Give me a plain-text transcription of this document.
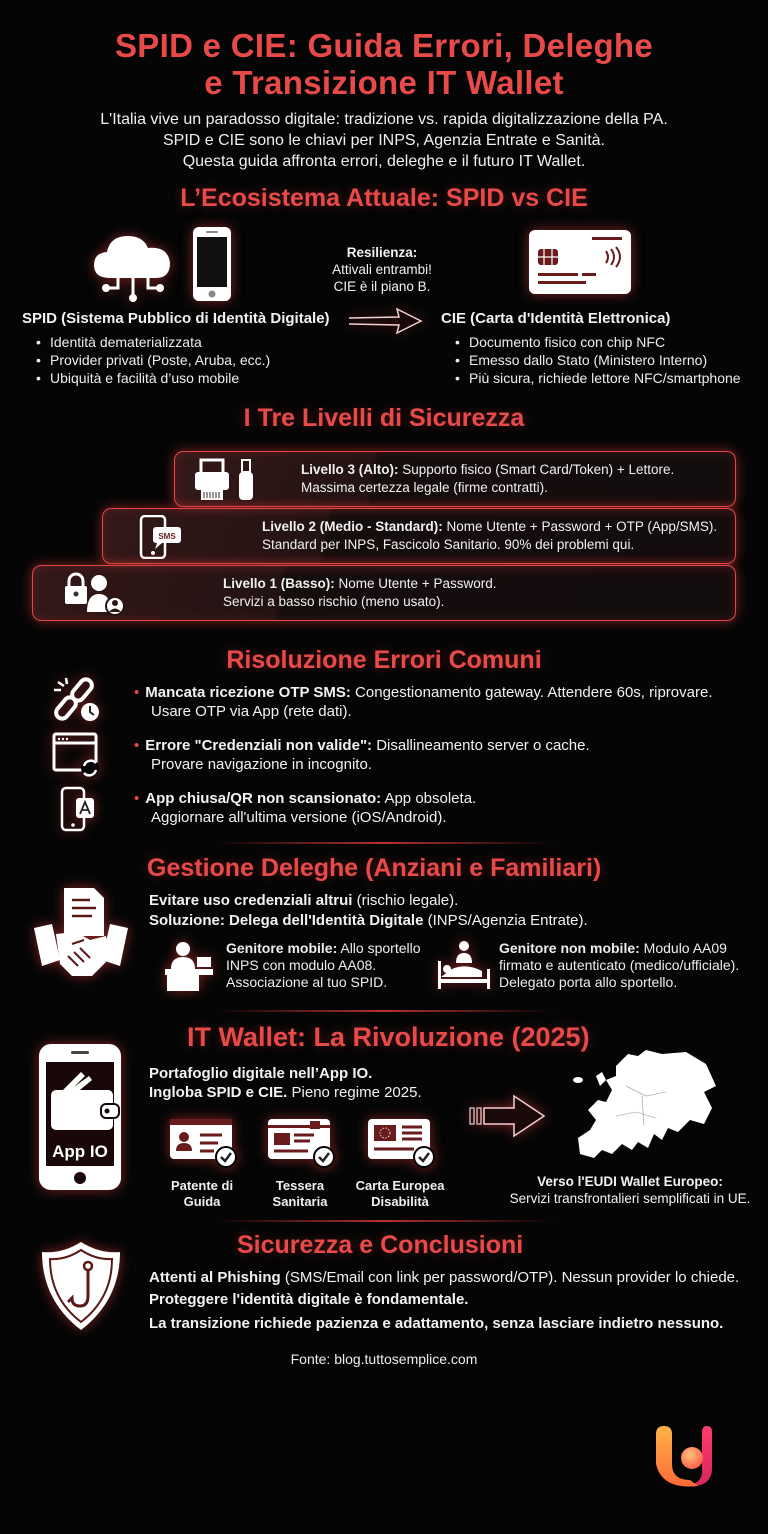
SPID e CIE: Guida Errori, Deleghe
e Transizione IT Wallet
L'Italia vive un paradosso digitale: tradizione vs. rapida digitalizzazione della PA.
SPID e CIE sono le chiavi per INPS, Agenzia Entrate e Sanità.
Questa guida affronta errori, deleghe e il futuro IT Wallet.
L’Ecosistema Attuale: SPID vs CIE
Resilienza:
Attivali entrambi!
CIE è il piano B.
SPID (Sistema Pubblico di Identità Digitale)	CIE (Carta d'Identità Elettronica)
• Identità dematerializzata
• Provider privati (Poste, Aruba, ecc.)
• Ubiquità e facilità d’uso mobile
• Documento fisico con chip NFC
• Emesso dallo Stato (Ministero Interno)
• Più sicura, richiede lettore NFC/smartphone
I Tre Livelli di Sicurezza
Livello 3 (Alto): Supporto fisico (Smart Card/Token) + Lettore.
Massima certezza legale (firme contratti).
SMS
Livello 2 (Medio - Standard): Nome Utente + Password + OTP (App/SMS).
Standard per INPS, Fascicolo Sanitario. 90% dei problemi qui.
Livello 1 (Basso): Nome Utente + Password.
Servizi a basso rischio (meno usato).
Risoluzione Errori Comuni
• Mancata ricezione OTP SMS: Congestionamento gateway. Attendere 60s, riprovare.
Usare OTP via App (rete dati).
• Errore "Credenziali non valide": Disallineamento server o cache.
Provare navigazione in incognito.
• App chiusa/QR non scansionato: App obsoleta.
Aggiornare all'ultima versione (iOS/Android).
Gestione Deleghe (Anziani e Familiari)
Evitare uso credenziali altrui (rischio legale).
Soluzione: Delega dell'Identità Digitale (INPS/Agenzia Entrate).
Genitore mobile: Allo sportello
INPS con modulo AA08.
Associazione al tuo SPID.
Genitore non mobile: Modulo AA09
firmato e autenticato (medico/ufficiale).
Delegato porta allo sportello.
IT Wallet: La Rivoluzione (2025)
App IO
Portafoglio digitale nell’App IO.
Ingloba SPID e CIE. Pieno regime 2025.
Patente di
Guida
Tessera
Sanitaria
Carta Europea
Disabilità
Verso l'EUDI Wallet Europeo:
Servizi transfrontalieri semplificati in UE.
Sicurezza e Conclusioni
Attenti al Phishing (SMS/Email con link per password/OTP). Nessun provider lo chiede.
Proteggere l'identità digitale è fondamentale.
La transizione richiede pazienza e adattamento, senza lasciare indietro nessuno.
Fonte: blog.tuttosemplice.com
